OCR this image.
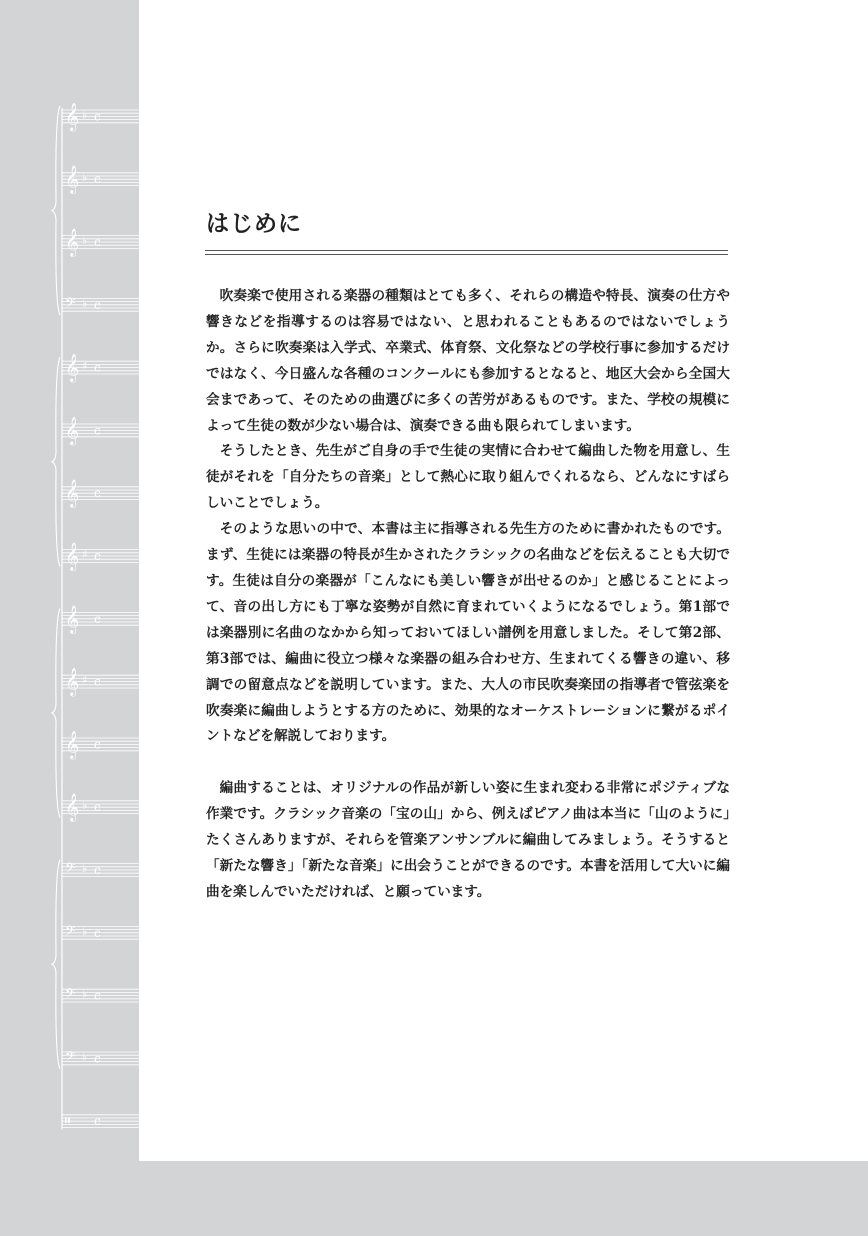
𝄞 ♭ c
𝄞 ♭ c
𝄞 ♭ c
𝄢 ♭ c
𝄞 ♯ c
𝄞 c
𝄞 c
𝄞 ♯ c
𝄞 c
𝄞 ♯ c
𝄞 c
𝄞 ♭ c
𝄢 ♭ c
𝄢 ♭ c
𝄢 ♭ c
𝄢 ♭ c
𝄥 c
はじめに

吹奏楽で使用される楽器の種類はとても多く、それらの構造や特長、演奏の仕方や響きなどを指導するのは容易ではない、と思われることもあるのではないでしょうか。さらに吹奏楽は入学式、卒業式、体育祭、文化祭などの学校行事に参加するだけではなく、今日盛んな各種のコンクールにも参加するとなると、地区大会から全国大会まであって、そのための曲選びに多くの苦労があるものです。また、学校の規模によって生徒の数が少ない場合は、演奏できる曲も限られてしまいます。

そうしたとき、先生がご自身の手で生徒の実情に合わせて編曲した物を用意し、生徒がそれを「自分たちの音楽」として熱心に取り組んでくれるなら、どんなにすばらしいことでしょう。

そのような思いの中で、本書は主に指導される先生方のために書かれたものです。まず、生徒には楽器の特長が生かされたクラシックの名曲などを伝えることも大切です。生徒は自分の楽器が「こんなにも美しい響きが出せるのか」と感じることによって、音の出し方にも丁寧な姿勢が自然に育まれていくようになるでしょう。第1部では楽器別に名曲のなかから知っておいてほしい譜例を用意しました。そして第2部、第3部では、編曲に役立つ様々な楽器の組み合わせ方、生まれてくる響きの違い、移調での留意点などを説明しています。また、大人の市民吹奏楽団の指導者で管弦楽を吹奏楽に編曲しようとする方のために、効果的なオーケストレーションに繋がるポイントなどを解説しております。

編曲することは、オリジナルの作品が新しい姿に生まれ変わる非常にポジティブな作業です。クラシック音楽の「宝の山」から、例えばピアノ曲は本当に「山のように」たくさんありますが、それらを管楽アンサンブルに編曲してみましょう。そうすると「新たな響き」「新たな音楽」に出会うことができるのです。本書を活用して大いに編曲を楽しんでいただければ、と願っています。
